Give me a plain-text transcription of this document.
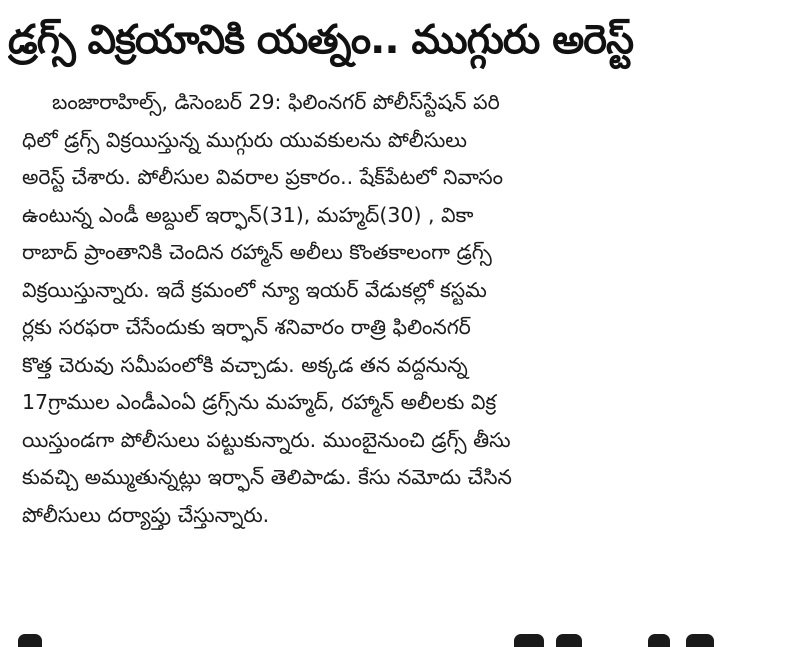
డ్రగ్స్ విక్రయానికి యత్నం.. ముగ్గురు అరెస్ట్
బంజారాహిల్స్, డిసెంబర్ 29: ఫిలింనగర్ పోలీస్‌స్టేషన్ పరి
ధిలో డ్రగ్స్ విక్రయిస్తున్న ముగ్గురు యువకులను పోలీసులు
అరెస్ట్ చేశారు. పోలీసుల వివరాల ప్రకారం.. షేక్‌పేటలో నివాసం
ఉంటున్న ఎండీ అబ్దుల్ ఇర్ఫాన్(31), మహ్మద్(30) , వికా
రాబాద్ ప్రాంతానికి చెందిన రహ్మాన్ అలీలు కొంతకాలంగా డ్రగ్స్
విక్రయిస్తున్నారు. ఇదే క్రమంలో న్యూ ఇయర్ వేడుకల్లో కస్టమ
ర్లకు సరఫరా చేసేందుకు ఇర్ఫాన్ శనివారం రాత్రి ఫిలింనగర్
కొత్త చెరువు సమీపంలోకి వచ్చాడు. అక్కడ తన వద్దనున్న
17గ్రాముల ఎండీఎంఏ డ్రగ్స్‌ను మహ్మద్, రహ్మాన్ అలీలకు విక్ర
యిస్తుండగా పోలీసులు పట్టుకున్నారు. ముంబైనుంచి డ్రగ్స్ తీసు
కువచ్చి అమ్ముతున్నట్లు ఇర్ఫాన్ తెలిపాడు. కేసు నమోదు చేసిన
పోలీసులు దర్యాప్తు చేస్తున్నారు.
